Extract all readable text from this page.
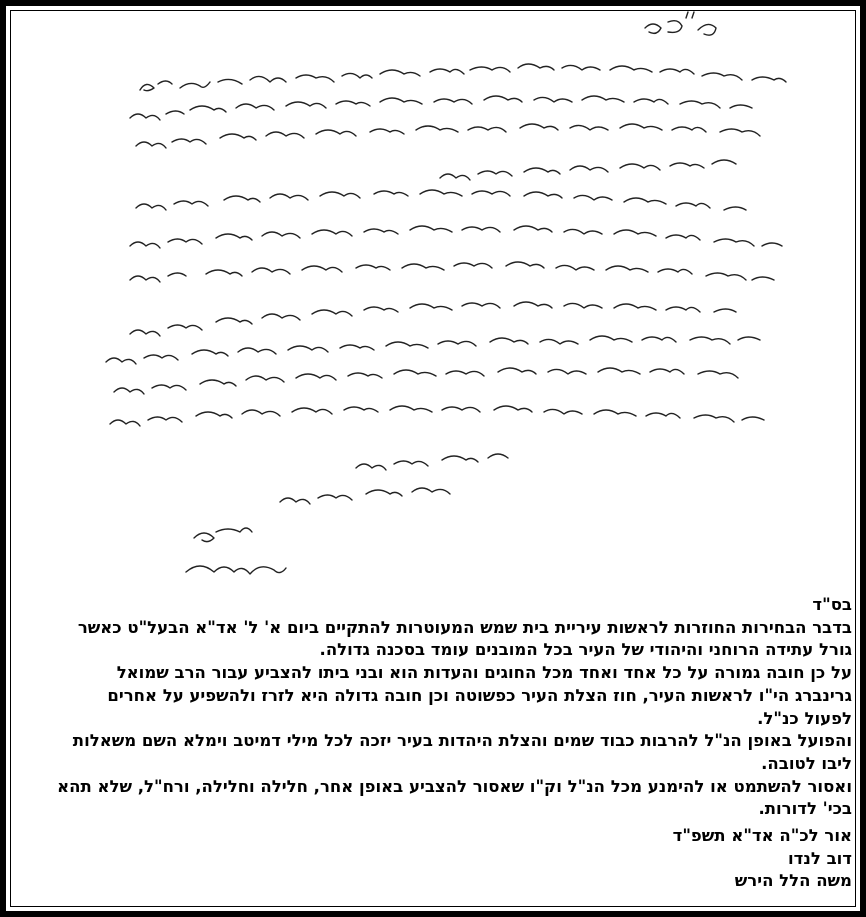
בס"ד

בדבר הבחירות החוזרות לראשות עיריית בית שמש המעוטרות להתקיים ביום א' ל' אד"א הבעל"ט כאשר

גורל עתידה הרוחני והיהודי של העיר בכל המובנים עומד בסכנה גדולה.

על כן חובה גמורה על כל אחד ואחד מכל החוגים והעדות הוא ובני ביתו להצביע עבור הרב שמואל

גרינברג הי"ו לראשות העיר, חוז הצלת העיר כפשוטה וכן חובה גדולה היא לזרז ולהשפיע על אחרים

לפעול כנ"ל.

והפועל באופן הנ"ל להרבות כבוד שמים והצלת היהדות בעיר יזכה לכל מילי דמיטב וימלא השם משאלות

ליבו לטובה.

ואסור להשתמט או להימנע מכל הנ"ל וק"ו שאסור להצביע באופן אחר, חלילה וחלילה, ורח"ל, שלא תהא

בכי' לדורות.

אור לכ"ה אד"א תשפ"ד

דוב לנדו

משה הלל הירש
